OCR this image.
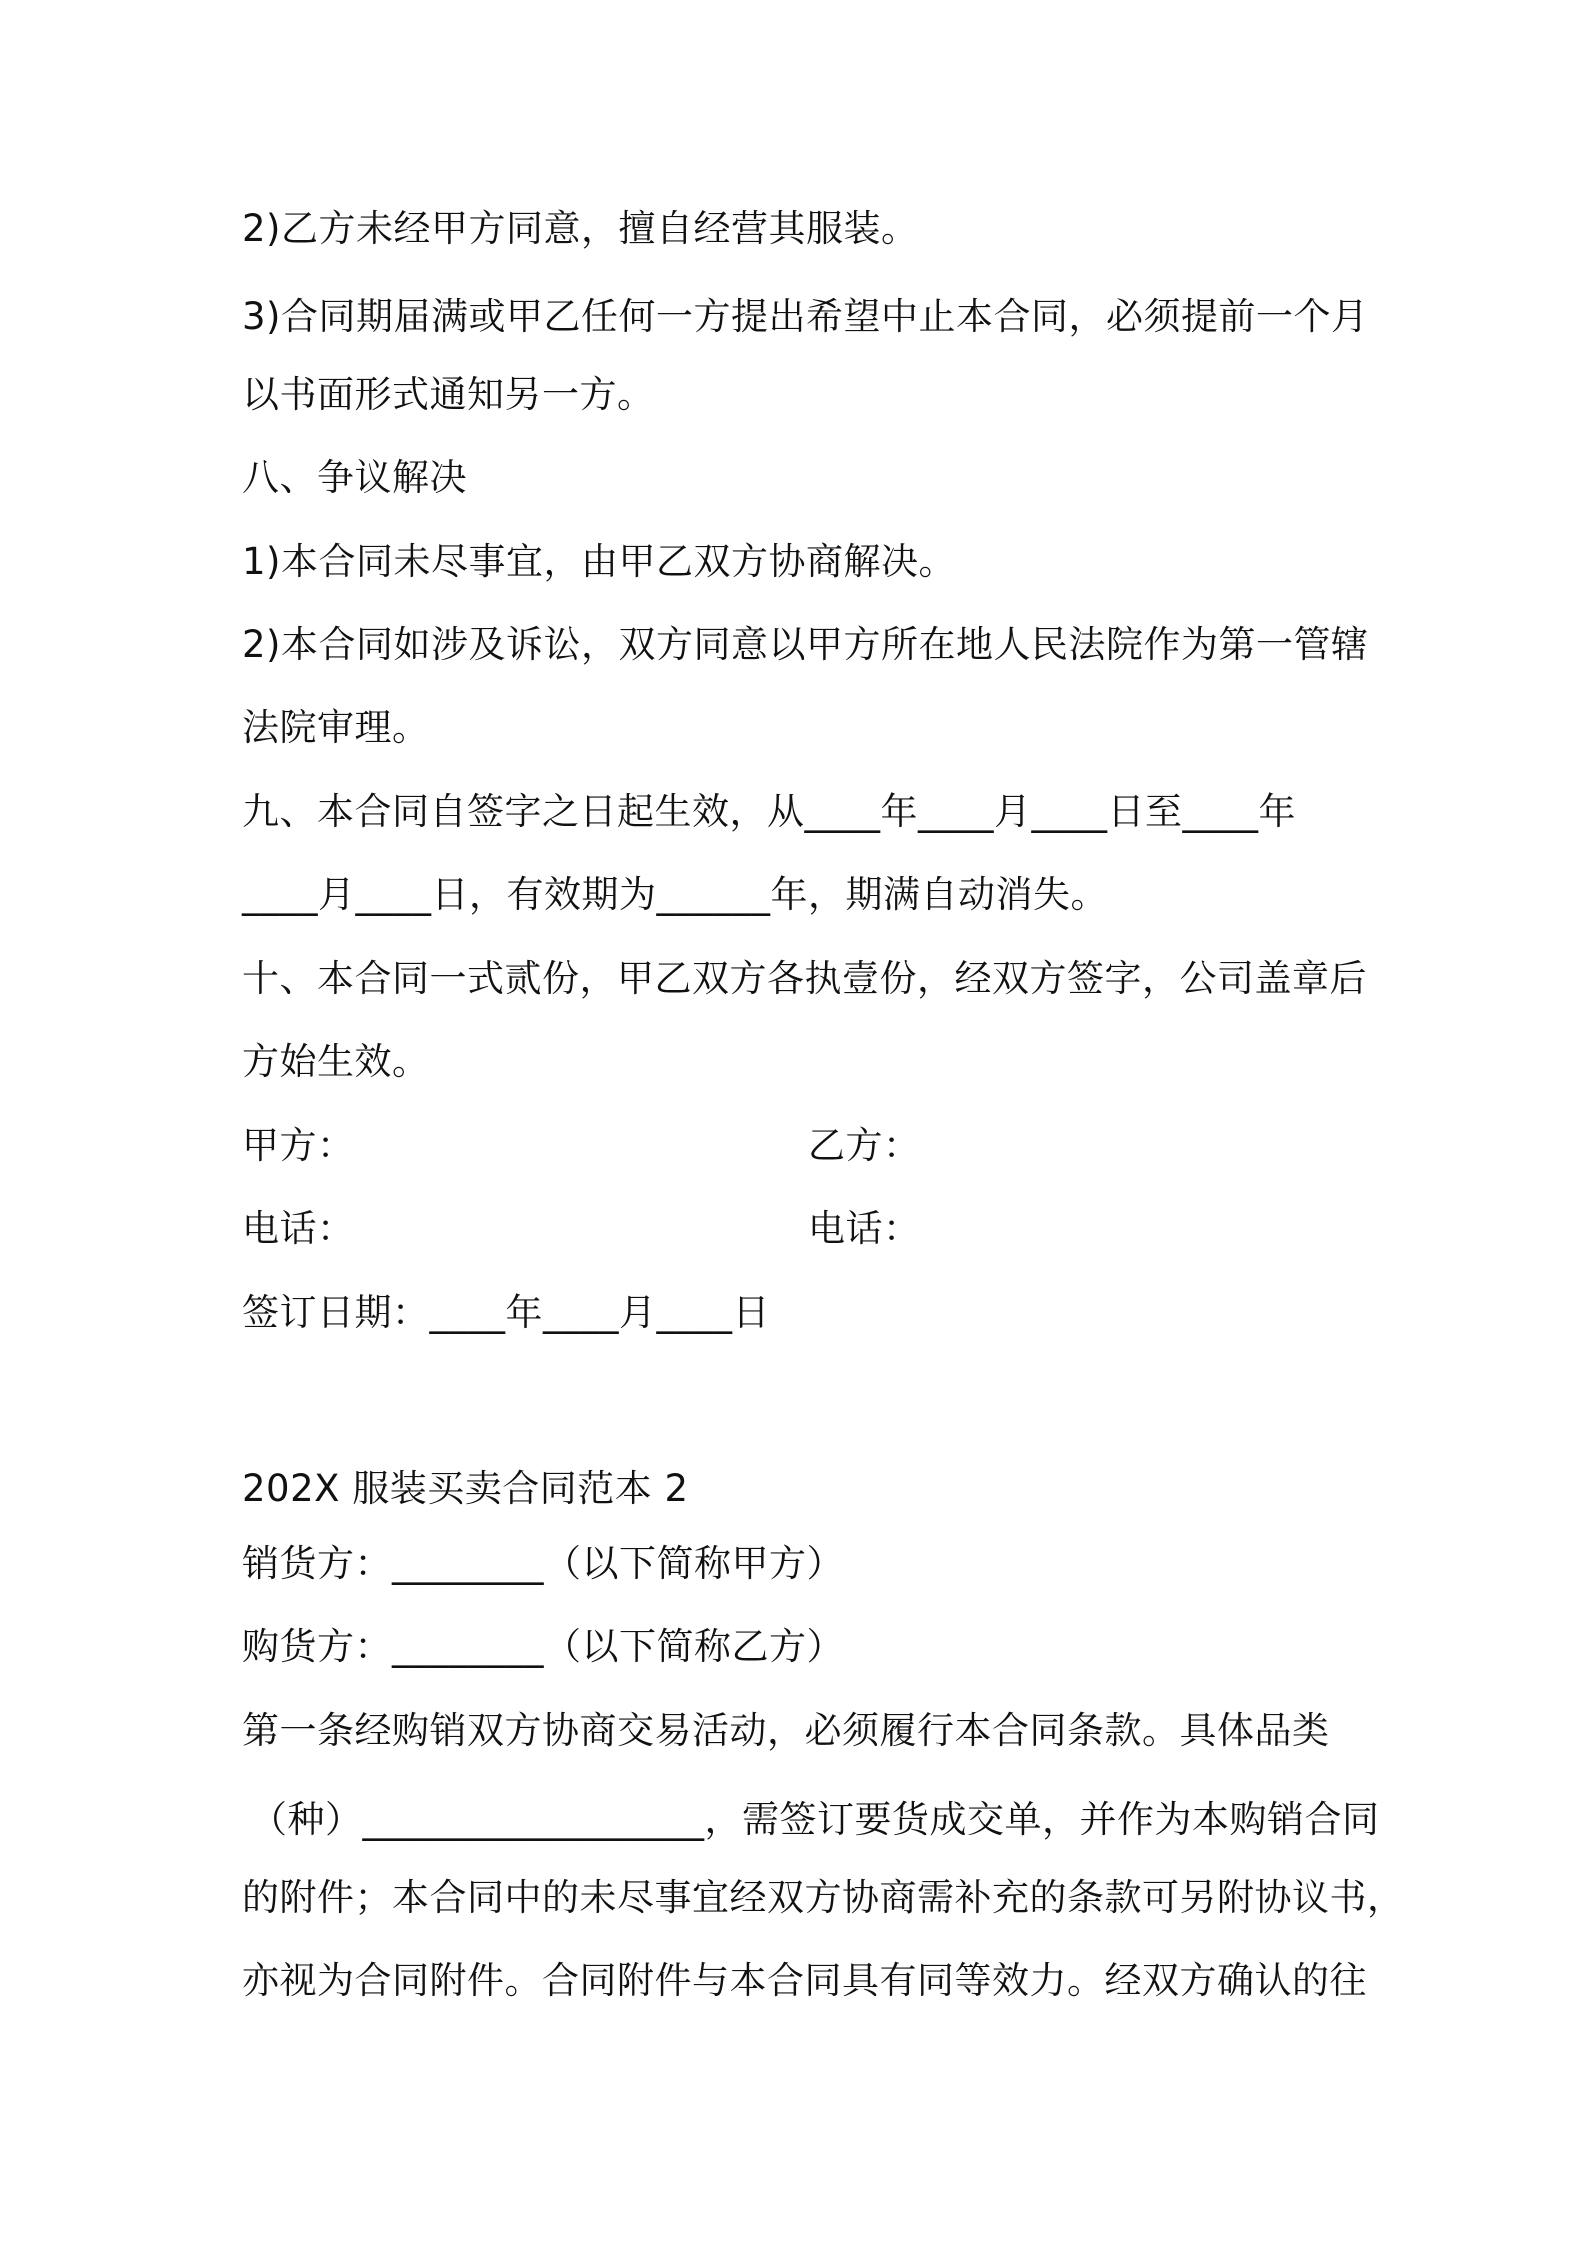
2)乙方未经甲方同意，擅自经营其服装。
3)合同期届满或甲乙任何一方提出希望中止本合同，必须提前一个月
以书面形式通知另一方。
八、争议解决
1)本合同未尽事宜，由甲乙双方协商解决。
2)本合同如涉及诉讼，双方同意以甲方所在地人民法院作为第一管辖
法院审理。
九、本合同自签字之日起生效，从____年____月____日至____年
____月____日，有效期为______年，期满自动消失。
十、本合同一式贰份，甲乙双方各执壹份，经双方签字，公司盖章后
方始生效。
甲方：	乙方：
电话：	电话：
签订日期：____年____月____日
202X 服装买卖合同范本 2
销货方：________（以下简称甲方）
购货方：________（以下简称乙方）
第一条经购销双方协商交易活动，必须履行本合同条款。具体品类
（种）__________________，需签订要货成交单，并作为本购销合同
的附件；本合同中的未尽事宜经双方协商需补充的条款可另附协议书，
亦视为合同附件。合同附件与本合同具有同等效力。经双方确认的往
